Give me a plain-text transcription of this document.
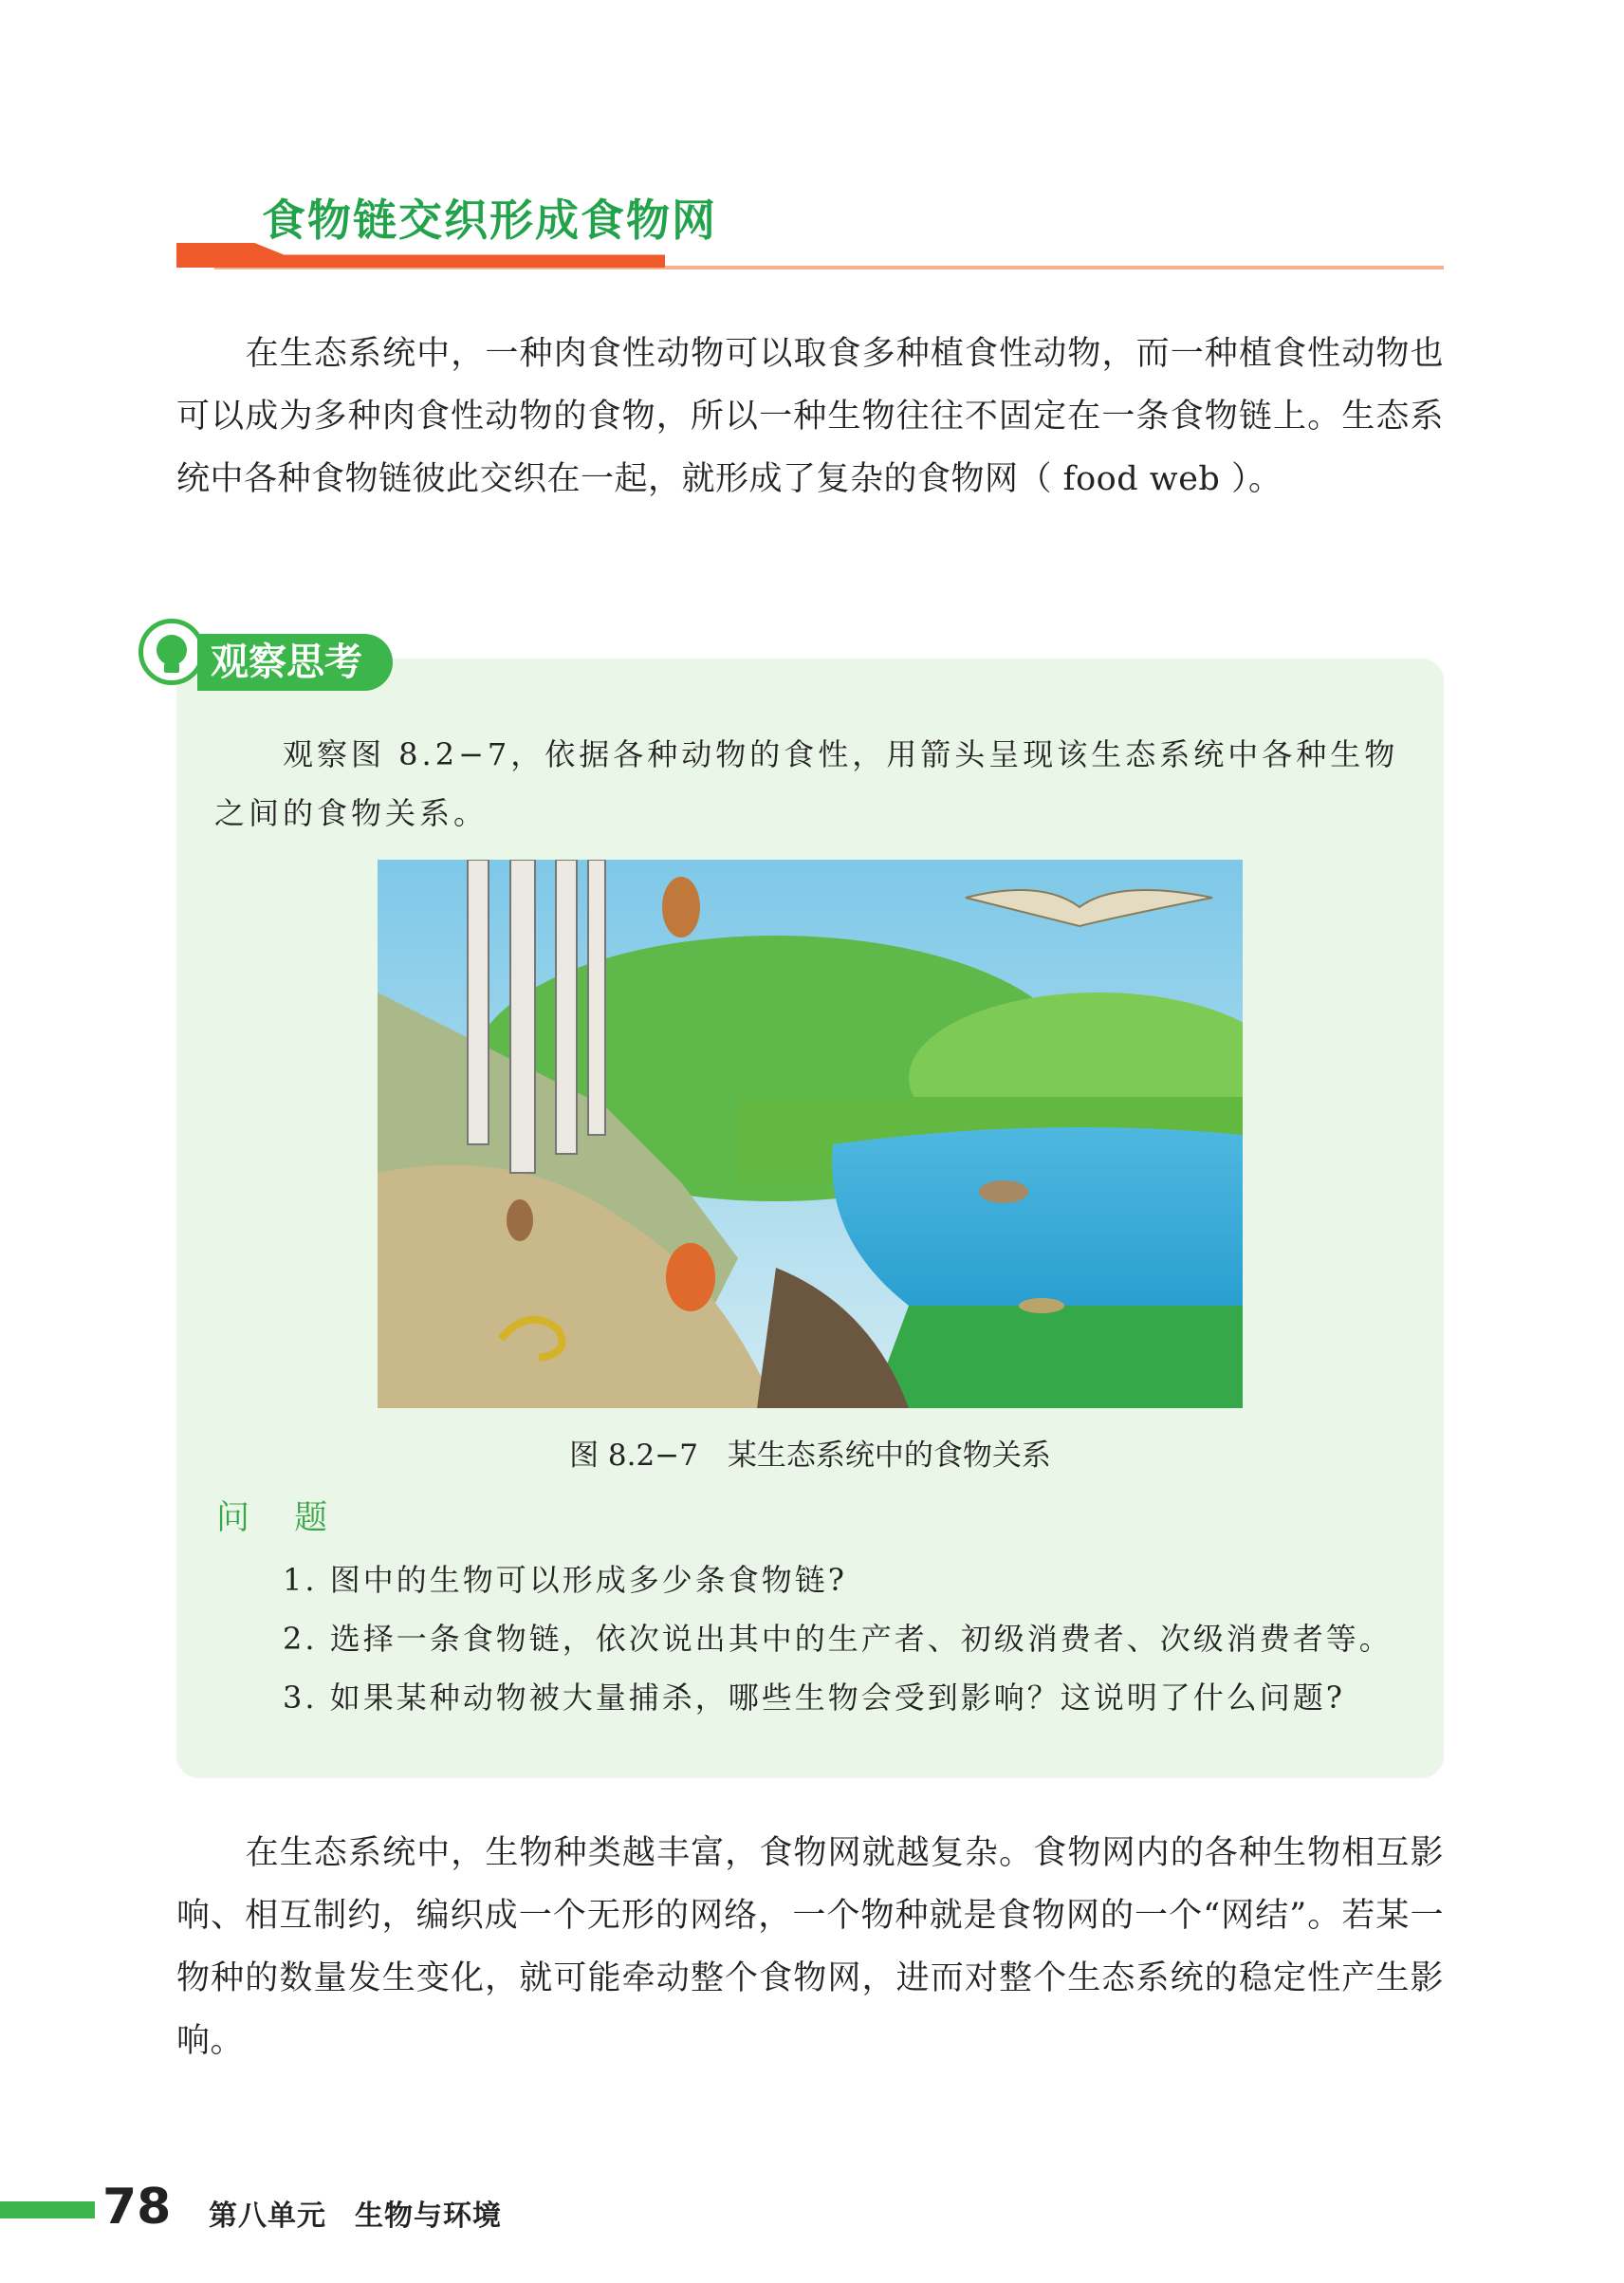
食物链交织形成食物网
在生态系统中，一种肉食性动物可以取食多种植食性动物，而一种植食性动物也可以成为多种肉食性动物的食物，所以一种生物往往不固定在一条食物链上。生态系统中各种食物链彼此交织在一起，就形成了复杂的食物网（ food web ）。
观察思考
观察图 8.2−7，依据各种动物的食性，用箭头呈现该生态系统中各种生物之间的食物关系。
图 8.2−7　某生态系统中的食物关系
问 题
1. 图中的生物可以形成多少条食物链?
2. 选择一条食物链，依次说出其中的生产者、初级消费者、次级消费者等。
3. 如果某种动物被大量捕杀，哪些生物会受到影响？这说明了什么问题?
在生态系统中，生物种类越丰富，食物网就越复杂。食物网内的各种生物相互影响、相互制约，编织成一个无形的网络，一个物种就是食物网的一个“网结”。若某一物种的数量发生变化，就可能牵动整个食物网，进而对整个生态系统的稳定性产生影响。
78 第八单元 生物与环境
